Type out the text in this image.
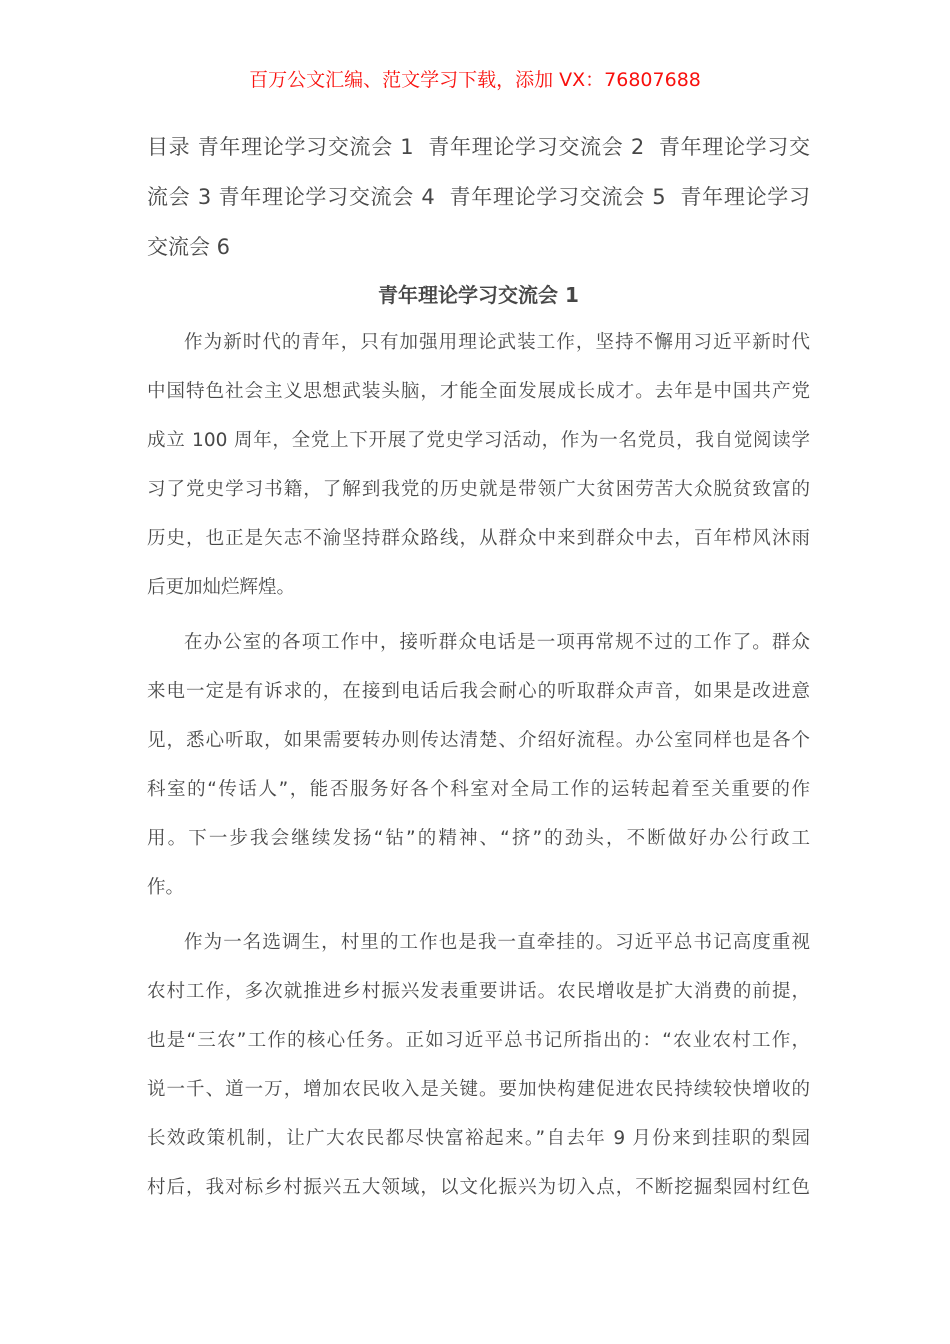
百万公文汇编、范文学习下载，添加 VX：76807688
目录 青年理论学习交流会 1  青年理论学习交流会 2  青年理论学习交
流会 3 青年理论学习交流会 4  青年理论学习交流会 5  青年理论学习
交流会 6
青年理论学习交流会 1
作为新时代的青年，只有加强用理论武装工作，坚持不懈用习近平新时代
中国特色社会主义思想武装头脑，才能全面发展成长成才。去年是中国共产党
成立 100 周年，全党上下开展了党史学习活动，作为一名党员，我自觉阅读学
习了党史学习书籍，了解到我党的历史就是带领广大贫困劳苦大众脱贫致富的
历史，也正是矢志不渝坚持群众路线，从群众中来到群众中去，百年栉风沐雨
后更加灿烂辉煌。
在办公室的各项工作中，接听群众电话是一项再常规不过的工作了。群众
来电一定是有诉求的，在接到电话后我会耐心的听取群众声音，如果是改进意
见，悉心听取，如果需要转办则传达清楚、介绍好流程。办公室同样也是各个
科室的“传话人”，能否服务好各个科室对全局工作的运转起着至关重要的作
用。下一步我会继续发扬“钻”的精神、“挤”的劲头，不断做好办公行政工
作。
作为一名选调生，村里的工作也是我一直牵挂的。习近平总书记高度重视
农村工作，多次就推进乡村振兴发表重要讲话。农民增收是扩大消费的前提，
也是“三农”工作的核心任务。正如习近平总书记所指出的：“农业农村工作，
说一千、道一万，增加农民收入是关键。要加快构建促进农民持续较快增收的
长效政策机制，让广大农民都尽快富裕起来。”自去年 9 月份来到挂职的梨园
村后，我对标乡村振兴五大领域，以文化振兴为切入点，不断挖掘梨园村红色
